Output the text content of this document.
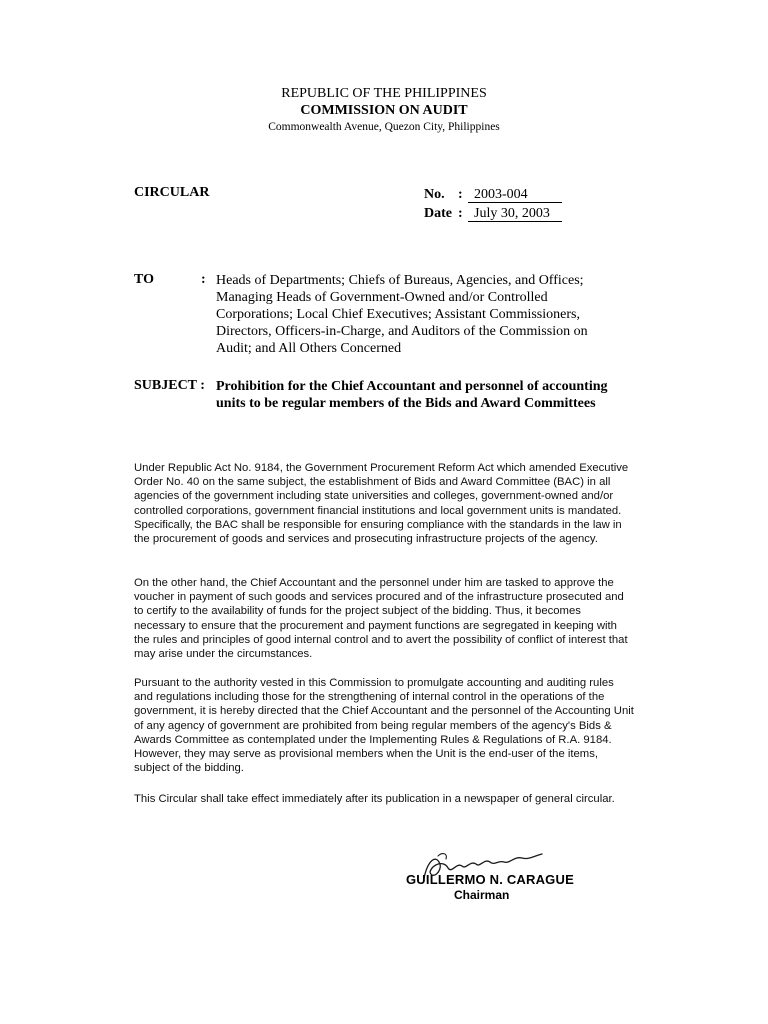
REPUBLIC OF THE PHILIPPINES
COMMISSION ON AUDIT
Commonwealth Avenue, Quezon City, Philippines
CIRCULAR	No. : 2003-004
Date : July 30, 2003
TO	: Heads of Departments; Chiefs of Bureaus, Agencies, and Offices; Managing Heads of Government-Owned and/or Controlled Corporations; Local Chief Executives; Assistant Commissioners, Directors, Officers-in-Charge, and Auditors of the Commission on Audit; and All Others Concerned
SUBJECT : Prohibition for the Chief Accountant and personnel of accounting units to be regular members of the Bids and Award Committees
Under Republic Act No. 9184, the Government Procurement Reform Act which amended Executive Order No. 40 on the same subject, the establishment of Bids and Award Committee (BAC) in all agencies of the government including state universities and colleges, government-owned and/or controlled corporations, government financial institutions and local government units is mandated. Specifically, the BAC shall be responsible for ensuring compliance with the standards in the law in the procurement of goods and services and prosecuting infrastructure projects of the agency.
On the other hand, the Chief Accountant and the personnel under him are tasked to approve the voucher in payment of such goods and services procured and of the infrastructure prosecuted and to certify to the availability of funds for the project subject of the bidding. Thus, it becomes necessary to ensure that the procurement and payment functions are segregated in keeping with the rules and principles of good internal control and to avert the possibility of conflict of interest that may arise under the circumstances.
Pursuant to the authority vested in this Commission to promulgate accounting and auditing rules and regulations including those for the strengthening of internal control in the operations of the government, it is hereby directed that the Chief Accountant and the personnel of the Accounting Unit of any agency of government are prohibited from being regular members of the agency's Bids & Awards Committee as contemplated under the Implementing Rules & Regulations of R.A. 9184. However, they may serve as provisional members when the Unit is the end-user of the items, subject of the bidding.
This Circular shall take effect immediately after its publication in a newspaper of general circular.
GUILLERMO N. CARAGUE
Chairman
